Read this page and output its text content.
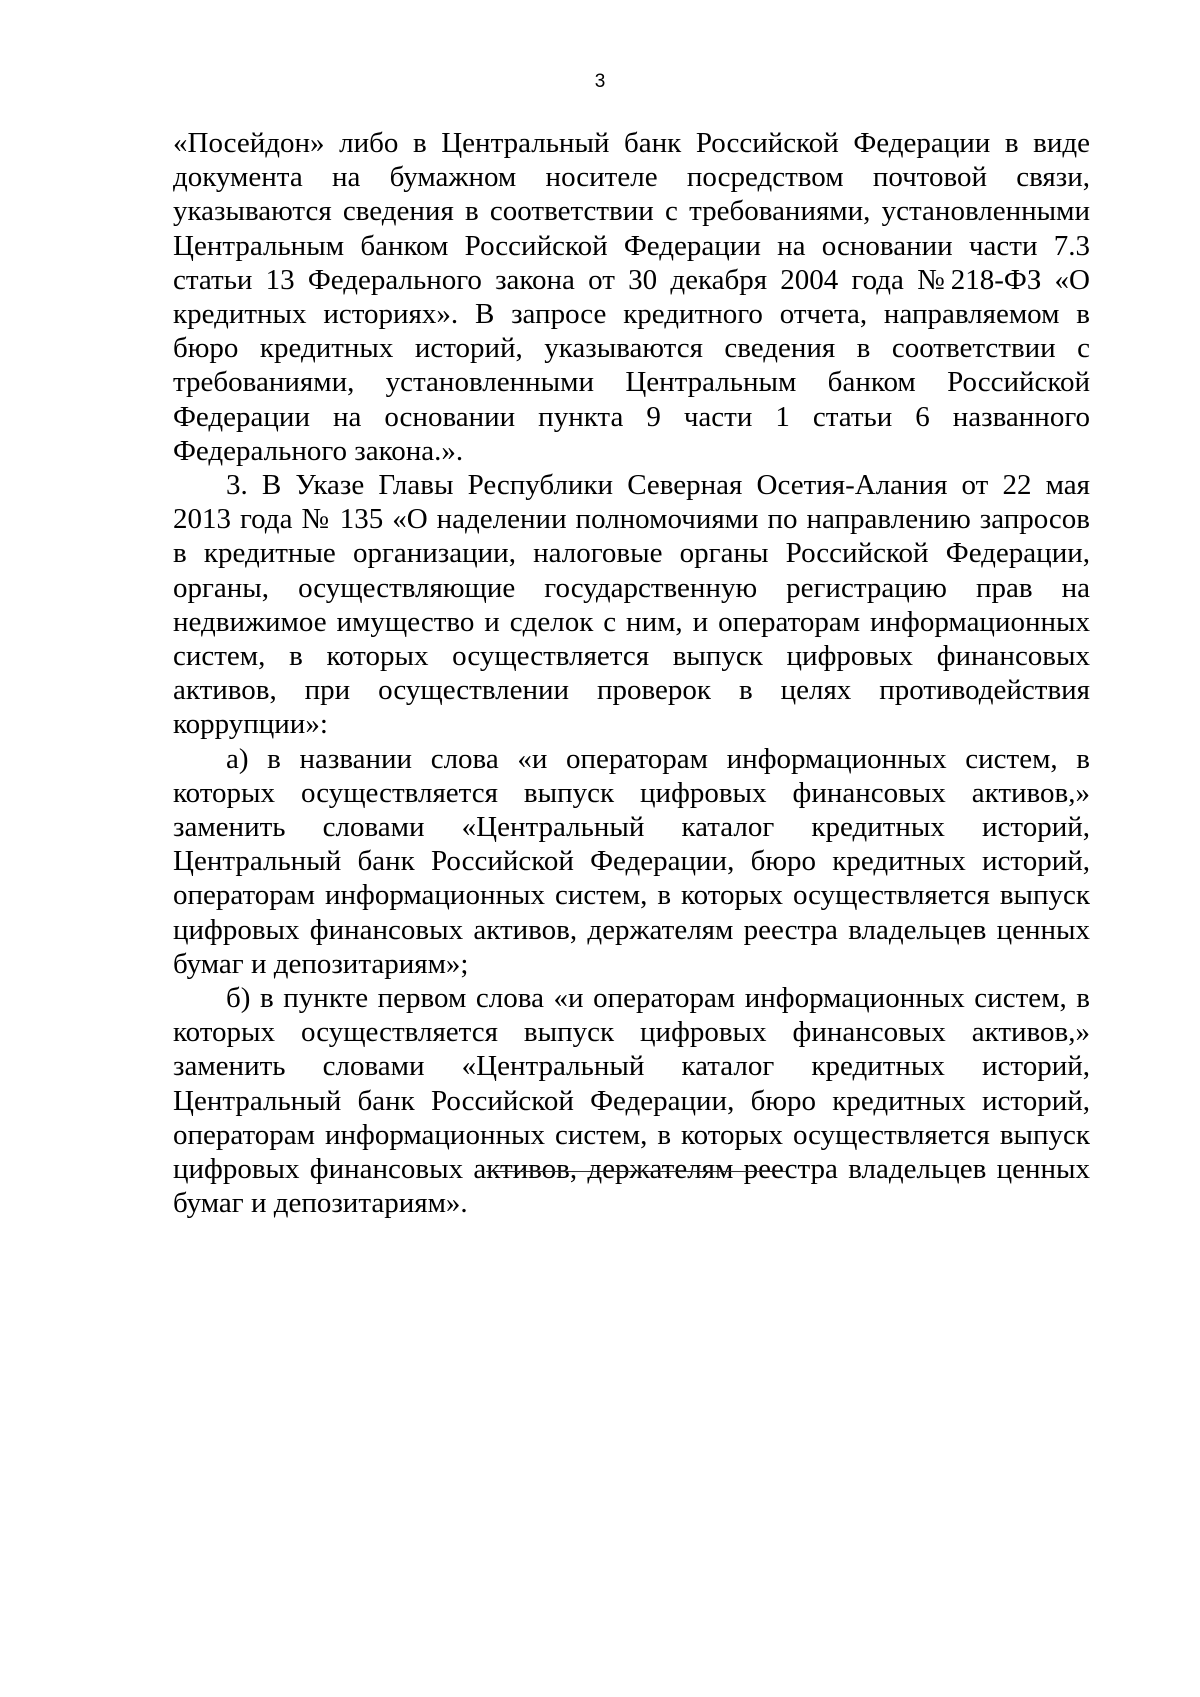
3

«Посейдон» либо в Центральный банк Российской Федерации в виде документа на бумажном носителе посредством почтовой связи, указываются сведения в соответствии с требованиями, установленными Центральным банком Российской Федерации на основании части 7.3 статьи 13 Федерального закона от 30 декабря 2004 года №218-ФЗ «О кредитных историях». В запросе кредитного отчета, направляемом в бюро кредитных историй, указываются сведения в соответствии с требованиями, установленными Центральным банком Российской Федерации на основании пункта 9 части 1 статьи 6 названного Федерального закона.».

3. В Указе Главы Республики Северная Осетия-Алания от 22 мая 2013 года № 135 «О наделении полномочиями по направлению запросов в кредитные организации, налоговые органы Российской Федерации, органы, осуществляющие государственную регистрацию прав на недвижимое имущество и сделок с ним, и операторам информационных систем, в которых осуществляется выпуск цифровых финансовых активов, при осуществлении проверок в целях противодействия коррупции»:

а) в названии слова «и операторам информационных систем, в которых осуществляется выпуск цифровых финансовых активов,» заменить словами «Центральный каталог кредитных историй, Центральный банк Российской Федерации, бюро кредитных историй, операторам информационных систем, в которых осуществляется выпуск цифровых финансовых активов, держателям реестра владельцев ценных бумаг и депозитариям»;

б) в пункте первом слова «и операторам информационных систем, в которых осуществляется выпуск цифровых финансовых активов,» заменить словами «Центральный каталог кредитных историй, Центральный банк Российской Федерации, бюро кредитных историй, операторам информационных систем, в которых осуществляется выпуск цифровых финансовых активов, держателям реестра владельцев ценных бумаг и депозитариям».
